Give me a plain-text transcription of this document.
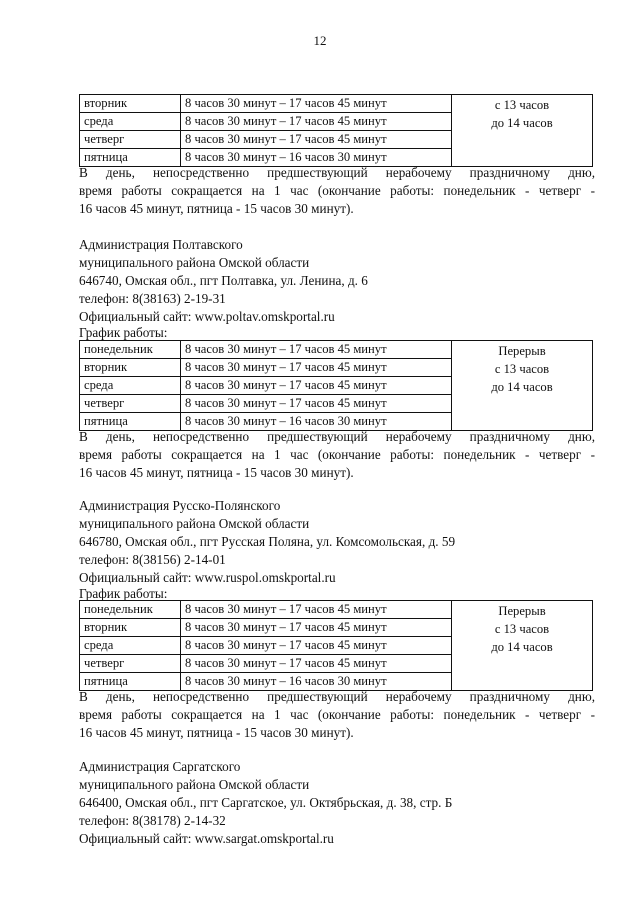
12
вторник	8 часов 30 минут – 17 часов 45 минут	с 13 часов
до 14 часов

среда	8 часов 30 минут – 17 часов 45 минут	
четверг	8 часов 30 минут – 17 часов 45 минут	
пятница	8 часов 30 минут – 16 часов 30 минут	
В день, непосредственно предшествующий нерабочему праздничному дню,
время работы сокращается на 1 час (окончание работы: понедельник - четверг -
16 часов 45 минут, пятница - 15 часов 30 минут).
Администрация Полтавского
муниципального района Омской области
646740, Омская обл., пгт Полтавка, ул. Ленина, д. 6
телефон: 8(38163) 2-19-31
Официальный сайт: www.poltav.omskportal.ru
График работы:
понедельник	8 часов 30 минут – 17 часов 45 минут	Перерыв
с 13 часов
до 14 часов

вторник	8 часов 30 минут – 17 часов 45 минут	
среда	8 часов 30 минут – 17 часов 45 минут	
четверг	8 часов 30 минут – 17 часов 45 минут	
пятница	8 часов 30 минут – 16 часов 30 минут	
В день, непосредственно предшествующий нерабочему праздничному дню,
время работы сокращается на 1 час (окончание работы: понедельник - четверг -
16 часов 45 минут, пятница - 15 часов 30 минут).
Администрация Русско-Полянского
муниципального района Омской области
646780, Омская обл., пгт Русская Поляна, ул. Комсомольская, д. 59
телефон: 8(38156) 2-14-01
Официальный сайт: www.ruspol.omskportal.ru
График работы:
понедельник	8 часов 30 минут – 17 часов 45 минут	Перерыв
с 13 часов
до 14 часов

вторник	8 часов 30 минут – 17 часов 45 минут	
среда	8 часов 30 минут – 17 часов 45 минут	
четверг	8 часов 30 минут – 17 часов 45 минут	
пятница	8 часов 30 минут – 16 часов 30 минут	
В день, непосредственно предшествующий нерабочему праздничному дню,
время работы сокращается на 1 час (окончание работы: понедельник - четверг -
16 часов 45 минут, пятница - 15 часов 30 минут).
Администрация Саргатского
муниципального района Омской области
646400, Омская обл., пгт Саргатское, ул. Октябрьская, д. 38, стр. Б
телефон: 8(38178) 2-14-32
Официальный сайт: www.sargat.omskportal.ru
